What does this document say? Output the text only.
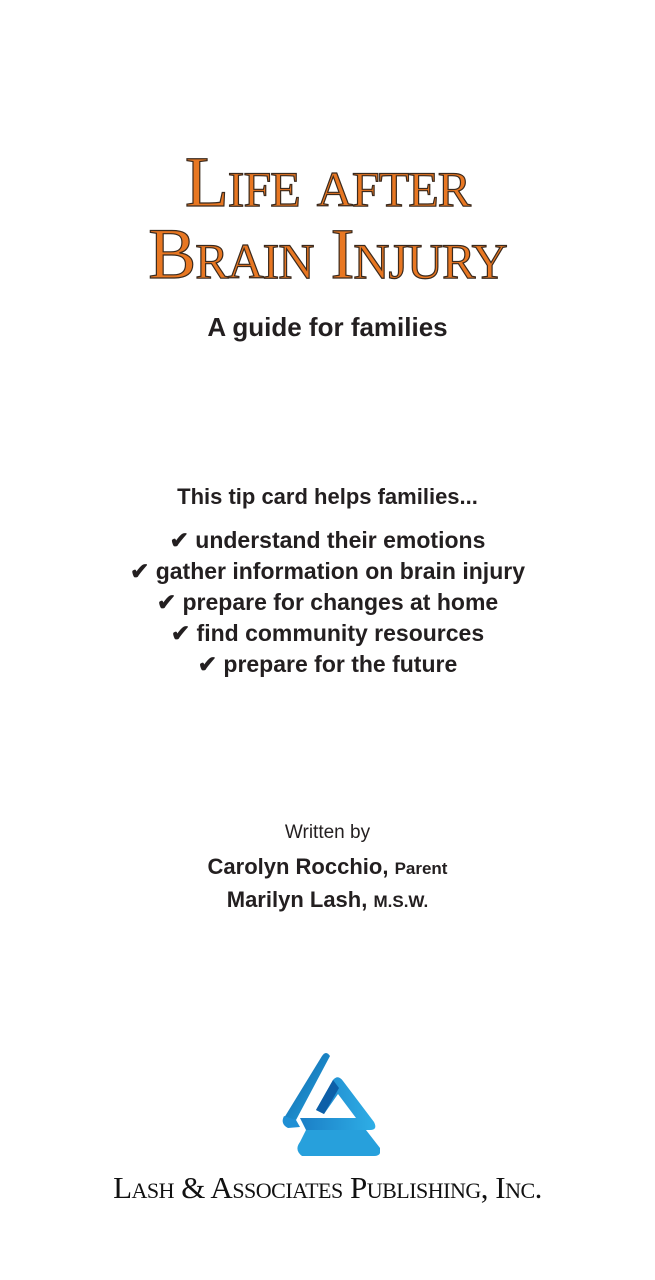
Life after
Brain Injury
A guide for families
This tip card helps families...
✔ understand their emotions
✔ gather information on brain injury
✔ prepare for changes at home
✔ find community resources
✔ prepare for the future
Written by
Carolyn Rocchio, Parent
Marilyn Lash, M.S.W.
Lash & Associates Publishing, Inc.
